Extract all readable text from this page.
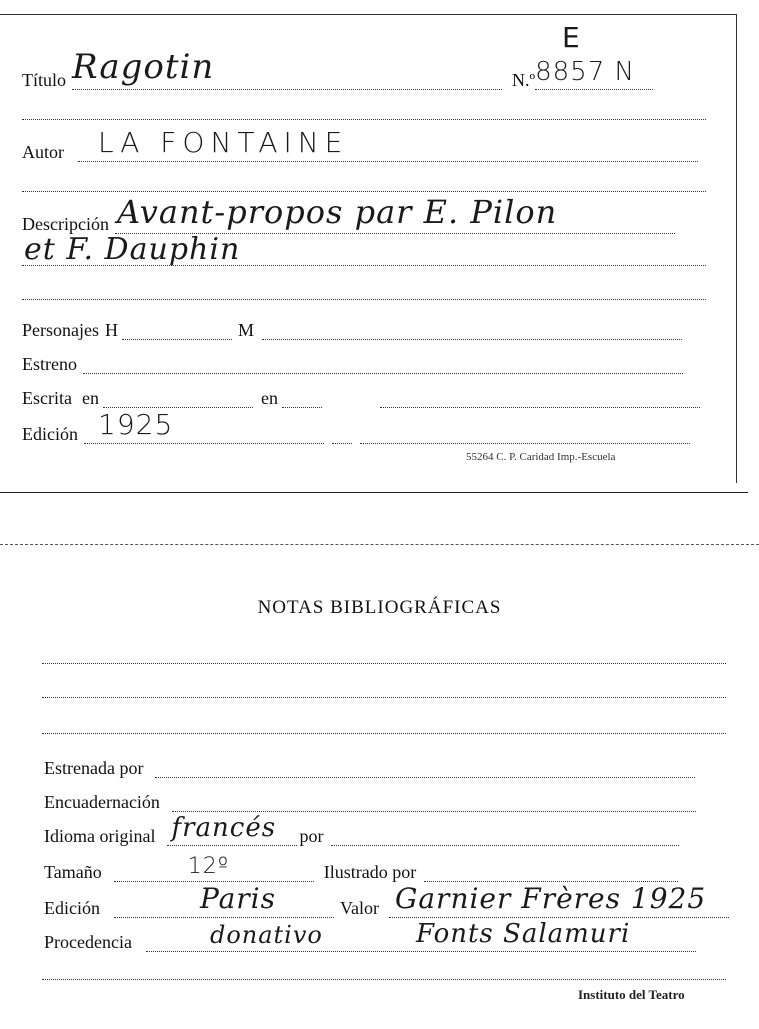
Título Ragotin	N.º 8857 N
E
Autor LA FONTAINE
Descripción Avant-propos par E. Pilon
et F. Dauphin
Personajes H	M
Estreno
Escrita en	en
Edición 1925
55264 C. P. Caridad Imp.-Escuela
NOTAS BIBLIOGRÁFICAS
Estrenada por
Encuadernación
Idioma original francés por
Tamaño	12º	Ilustrado por
Edición	Paris	Valor Garnier Frères 1925
Procedencia	donativo	Fonts Salamuri
Instituto del Teatro
